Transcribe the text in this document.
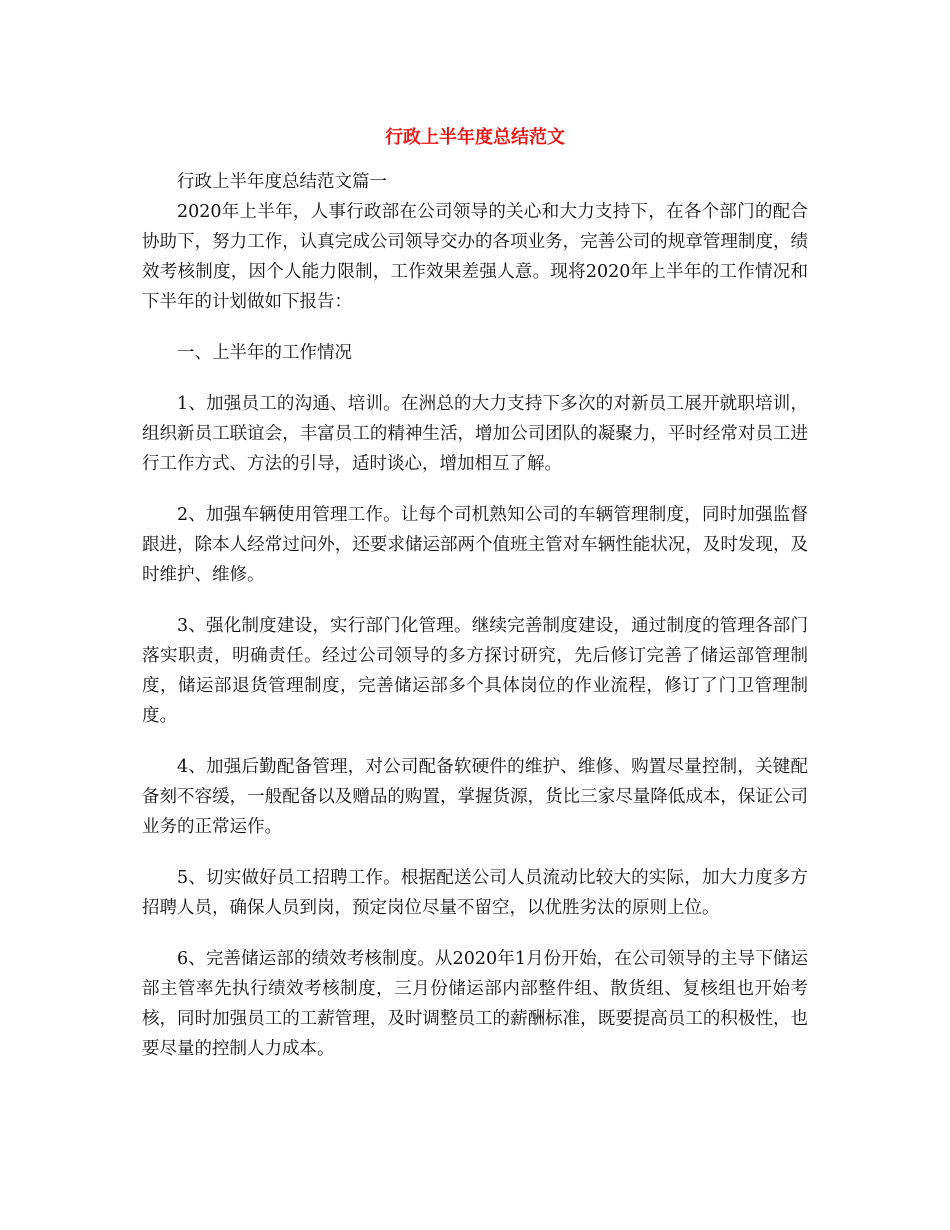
行政上半年度总结范文

行政上半年度总结范文篇一

2020年上半年，人事行政部在公司领导的关心和大力支持下，在各个部门的配合协助下，努力工作，认真完成公司领导交办的各项业务，完善公司的规章管理制度，绩效考核制度，因个人能力限制，工作效果差强人意。现将2020年上半年的工作情况和下半年的计划做如下报告：

一、上半年的工作情况

1、加强员工的沟通、培训。在洲总的大力支持下多次的对新员工展开就职培训，组织新员工联谊会，丰富员工的精神生活，增加公司团队的凝聚力，平时经常对员工进行工作方式、方法的引导，适时谈心，增加相互了解。

2、加强车辆使用管理工作。让每个司机熟知公司的车辆管理制度，同时加强监督跟进，除本人经常过问外，还要求储运部两个值班主管对车辆性能状况，及时发现，及时维护、维修。

3、强化制度建设，实行部门化管理。继续完善制度建设，通过制度的管理各部门落实职责，明确责任。经过公司领导的多方探讨研究，先后修订完善了储运部管理制度，储运部退货管理制度，完善储运部多个具体岗位的作业流程，修订了门卫管理制度。

4、加强后勤配备管理，对公司配备软硬件的维护、维修、购置尽量控制，关键配备刻不容缓，一般配备以及赠品的购置，掌握货源，货比三家尽量降低成本，保证公司业务的正常运作。

5、切实做好员工招聘工作。根据配送公司人员流动比较大的实际，加大力度多方招聘人员，确保人员到岗，预定岗位尽量不留空，以优胜劣汰的原则上位。

6、完善储运部的绩效考核制度。从2020年1月份开始，在公司领导的主导下储运部主管率先执行绩效考核制度，三月份储运部内部整件组、散货组、复核组也开始考核，同时加强员工的工薪管理，及时调整员工的薪酬标准，既要提高员工的积极性，也要尽量的控制人力成本。
